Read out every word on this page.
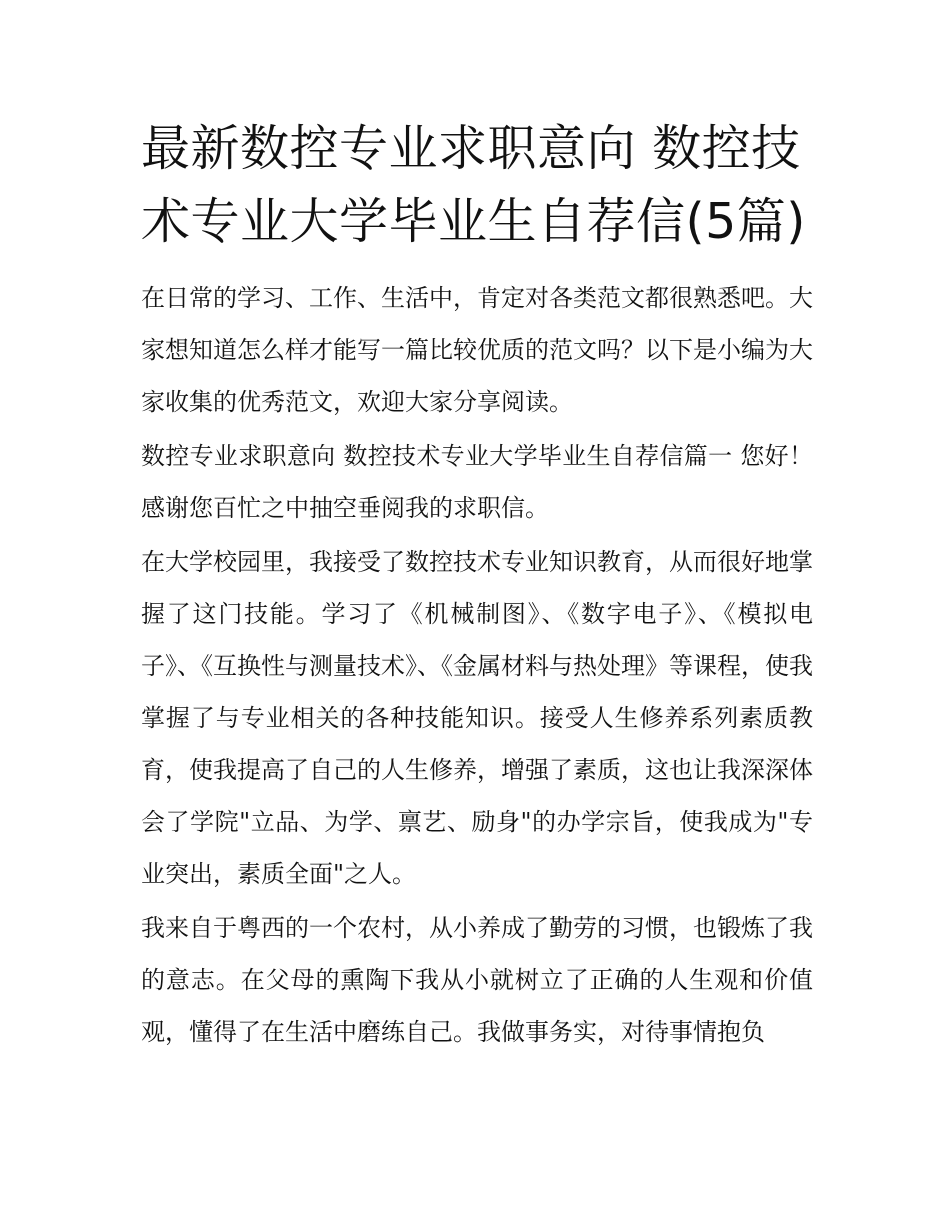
最新数控专业求职意向 数控技术专业大学毕业生自荐信(5篇)

在日常的学习、工作、生活中，肯定对各类范文都很熟悉吧。大家想知道怎么样才能写一篇比较优质的范文吗？以下是小编为大家收集的优秀范文，欢迎大家分享阅读。

数控专业求职意向 数控技术专业大学毕业生自荐信篇一 您好！感谢您百忙之中抽空垂阅我的求职信。

在大学校园里，我接受了数控技术专业知识教育，从而很好地掌握了这门技能。学习了《机械制图》、《数字电子》、《模拟电子》、《互换性与测量技术》、《金属材料与热处理》等课程，使我掌握了与专业相关的各种技能知识。接受人生修养系列素质教育，使我提高了自己的人生修养，增强了素质，这也让我深深体会了学院"立品、为学、禀艺、励身"的办学宗旨，使我成为"专业突出，素质全面"之人。

我来自于粤西的一个农村，从小养成了勤劳的习惯，也锻炼了我的意志。在父母的熏陶下我从小就树立了正确的人生观和价值观，懂得了在生活中磨练自己。我做事务实，对待事情抱负
